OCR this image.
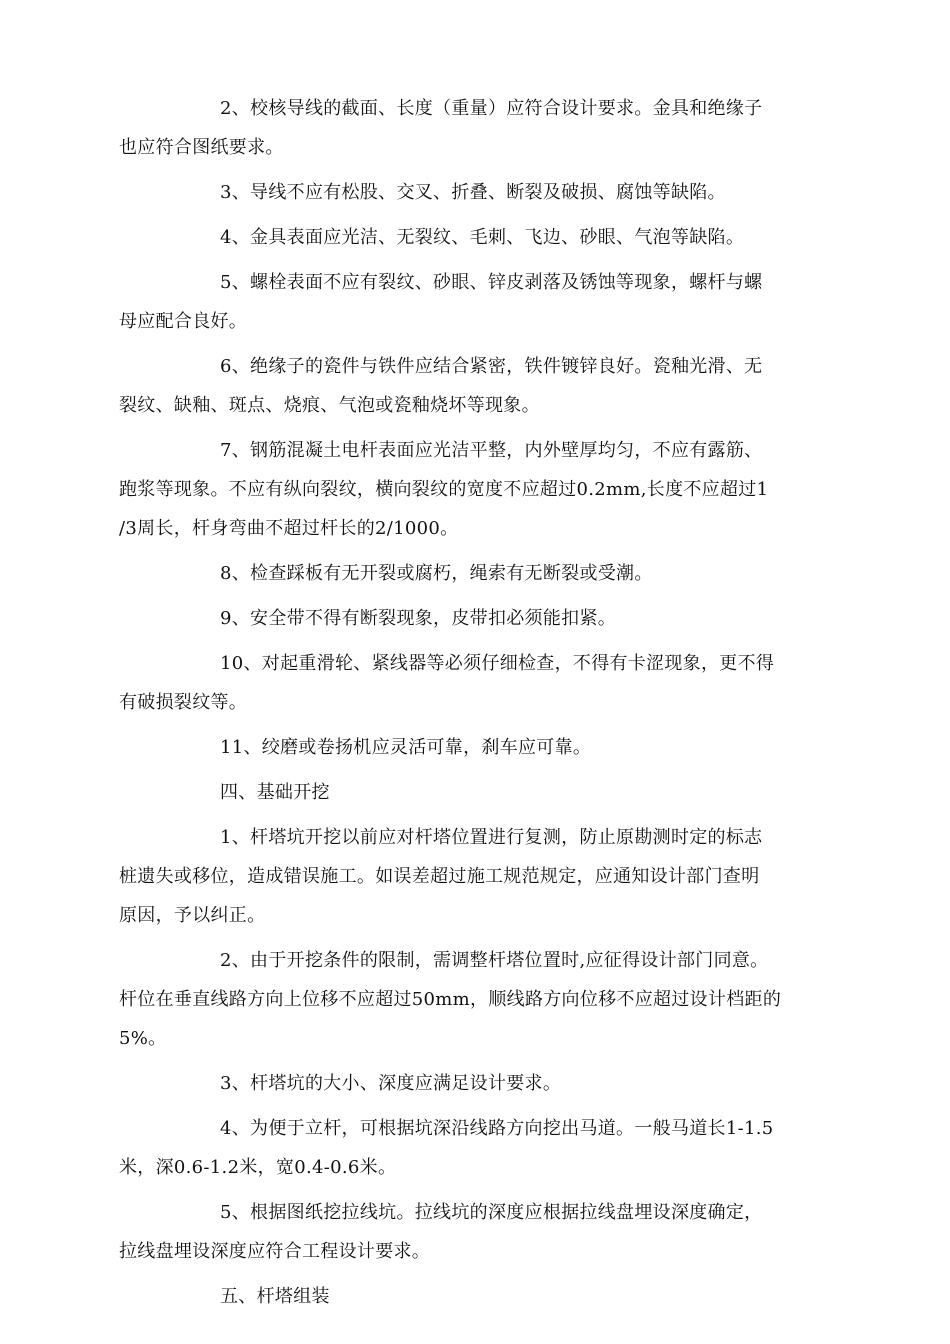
2、校核导线的截面、长度（重量）应符合设计要求。金具和绝缘子
也应符合图纸要求。

3、导线不应有松股、交叉、折叠、断裂及破损、腐蚀等缺陷。

4、金具表面应光洁、无裂纹、毛刺、飞边、砂眼、气泡等缺陷。

5、螺栓表面不应有裂纹、砂眼、锌皮剥落及锈蚀等现象，螺杆与螺
母应配合良好。

6、绝缘子的瓷件与铁件应结合紧密，铁件镀锌良好。瓷釉光滑、无
裂纹、缺釉、斑点、烧痕、气泡或瓷釉烧坏等现象。

7、钢筋混凝土电杆表面应光洁平整，内外壁厚均匀，不应有露筋、
跑浆等现象。不应有纵向裂纹，横向裂纹的宽度不应超过0.2mm,长度不应超过1
/3周长，杆身弯曲不超过杆长的2/1000。

8、检查踩板有无开裂或腐朽，绳索有无断裂或受潮。

9、安全带不得有断裂现象，皮带扣必须能扣紧。

10、对起重滑轮、紧线器等必须仔细检查，不得有卡涩现象，更不得
有破损裂纹等。

11、绞磨或卷扬机应灵活可靠，刹车应可靠。

四、基础开挖

1、杆塔坑开挖以前应对杆塔位置进行复测，防止原勘测时定的标志
桩遗失或移位，造成错误施工。如误差超过施工规范规定，应通知设计部门查明
原因，予以纠正。

2、由于开挖条件的限制，需调整杆塔位置时,应征得设计部门同意。
杆位在垂直线路方向上位移不应超过50mm，顺线路方向位移不应超过设计档距的
5%。

3、杆塔坑的大小、深度应满足设计要求。

4、为便于立杆，可根据坑深沿线路方向挖出马道。一般马道长1-1.5
米，深0.6-1.2米，宽0.4-0.6米。

5、根据图纸挖拉线坑。拉线坑的深度应根据拉线盘埋设深度确定，
拉线盘埋设深度应符合工程设计要求。

五、杆塔组装
